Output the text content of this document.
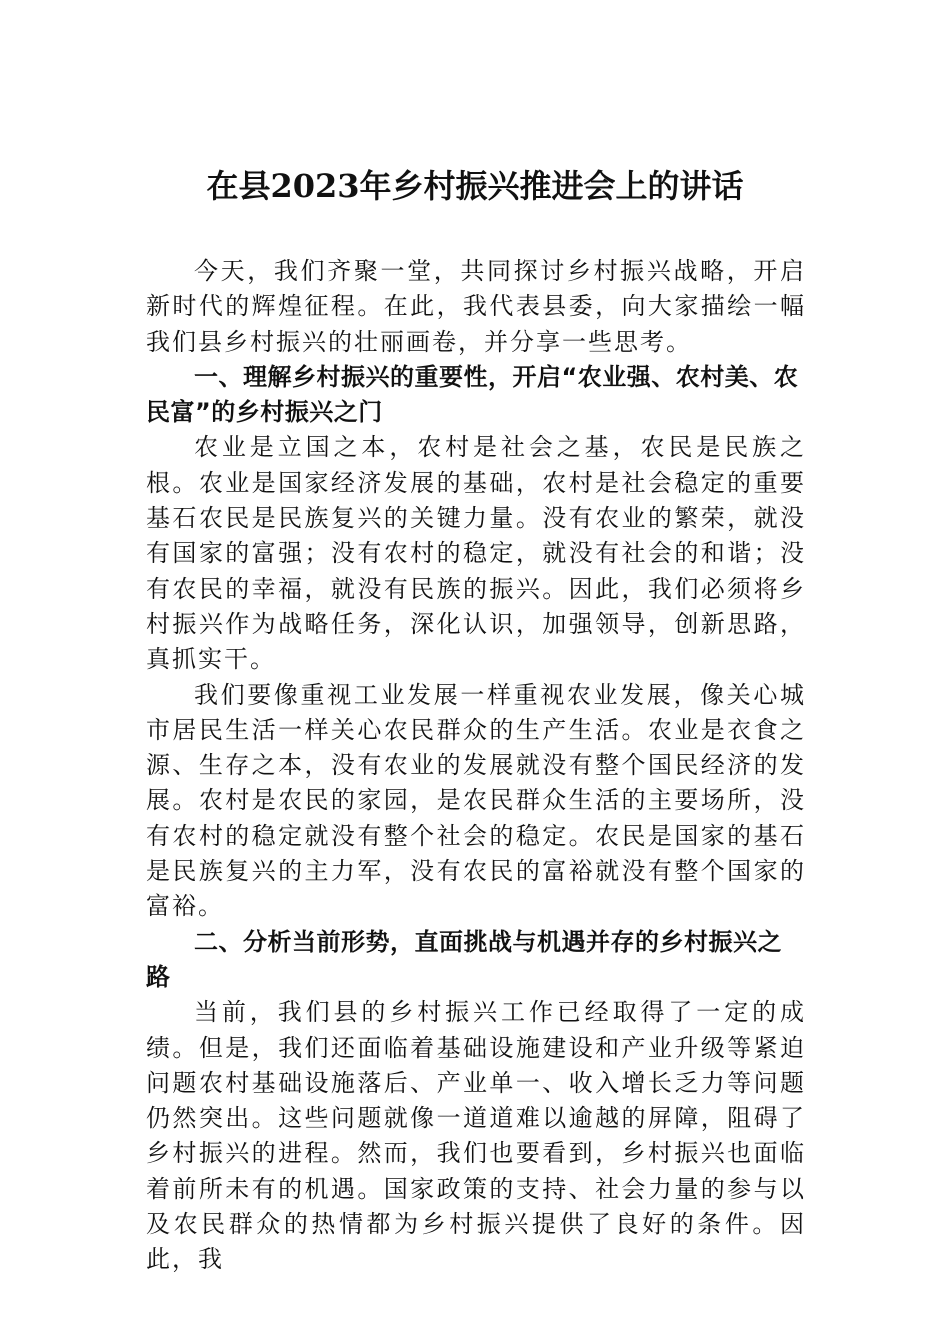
在县2023年乡村振兴推进会上的讲话

今天，我们齐聚一堂，共同探讨乡村振兴战略，开启新时代的辉煌征程。在此，我代表县委，向大家描绘一幅我们县乡村振兴的壮丽画卷，并分享一些思考。

一、理解乡村振兴的重要性，开启“农业强、农村美、农民富”的乡村振兴之门

农业是立国之本，农村是社会之基，农民是民族之根。农业是国家经济发展的基础，农村是社会稳定的重要基石农民是民族复兴的关键力量。没有农业的繁荣，就没有国家的富强；没有农村的稳定，就没有社会的和谐；没有农民的幸福，就没有民族的振兴。因此，我们必须将乡村振兴作为战略任务，深化认识，加强领导，创新思路，真抓实干。

我们要像重视工业发展一样重视农业发展，像关心城市居民生活一样关心农民群众的生产生活。农业是衣食之源、生存之本，没有农业的发展就没有整个国民经济的发展。农村是农民的家园，是农民群众生活的主要场所，没有农村的稳定就没有整个社会的稳定。农民是国家的基石是民族复兴的主力军，没有农民的富裕就没有整个国家的富裕。

二、分析当前形势，直面挑战与机遇并存的乡村振兴之路

当前，我们县的乡村振兴工作已经取得了一定的成绩。但是，我们还面临着基础设施建设和产业升级等紧迫问题农村基础设施落后、产业单一、收入增长乏力等问题仍然突出。这些问题就像一道道难以逾越的屏障，阻碍了乡村振兴的进程。然而，我们也要看到，乡村振兴也面临着前所未有的机遇。国家政策的支持、社会力量的参与以及农民群众的热情都为乡村振兴提供了良好的条件。因此，我
